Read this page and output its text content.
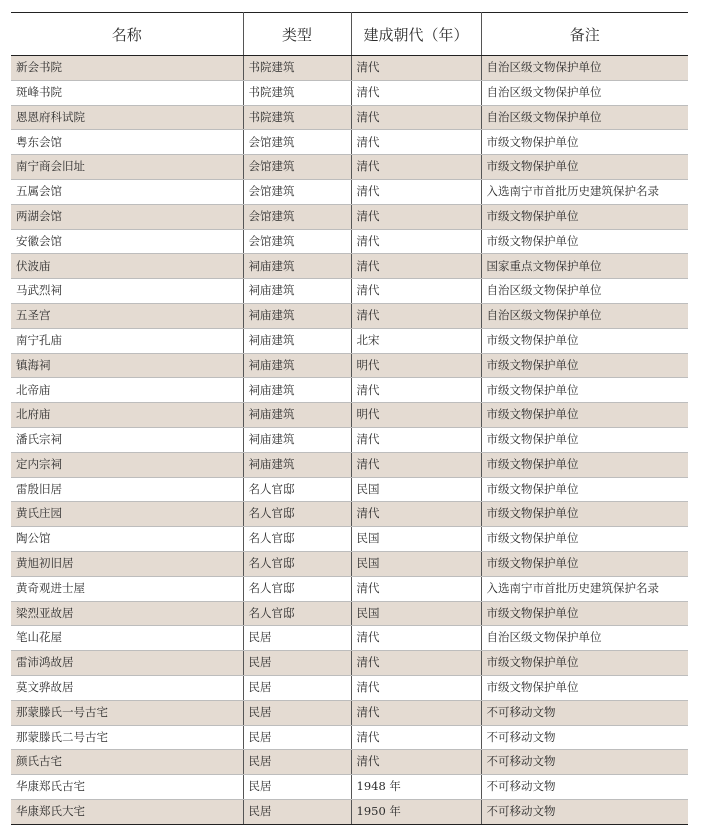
名称	类型	建成朝代（年）	备注
新会书院	书院建筑	清代	自治区级文物保护单位
斑峰书院	书院建筑	清代	自治区级文物保护单位
恩恩府科试院	书院建筑	清代	自治区级文物保护单位
粤东会馆	会馆建筑	清代	市级文物保护单位
南宁商会旧址	会馆建筑	清代	市级文物保护单位
五属会馆	会馆建筑	清代	入选南宁市首批历史建筑保护名录
两湖会馆	会馆建筑	清代	市级文物保护单位
安徽会馆	会馆建筑	清代	市级文物保护单位
伏波庙	祠庙建筑	清代	国家重点文物保护单位
马武烈祠	祠庙建筑	清代	自治区级文物保护单位
五圣宫	祠庙建筑	清代	自治区级文物保护单位
南宁孔庙	祠庙建筑	北宋	市级文物保护单位
镇海祠	祠庙建筑	明代	市级文物保护单位
北帝庙	祠庙建筑	清代	市级文物保护单位
北府庙	祠庙建筑	明代	市级文物保护单位
潘氏宗祠	祠庙建筑	清代	市级文物保护单位
定内宗祠	祠庙建筑	清代	市级文物保护单位
雷殷旧居	名人官邸	民国	市级文物保护单位
黄氏庄园	名人官邸	清代	市级文物保护单位
陶公馆	名人官邸	民国	市级文物保护单位
黄旭初旧居	名人官邸	民国	市级文物保护单位
黄奇观进士屋	名人官邸	清代	入选南宁市首批历史建筑保护名录
梁烈亚故居	名人官邸	民国	市级文物保护单位
笔山花屋	民居	清代	自治区级文物保护单位
雷沛鸿故居	民居	清代	市级文物保护单位
莫文骅故居	民居	清代	市级文物保护单位
那蒙滕氏一号古宅	民居	清代	不可移动文物
那蒙滕氏二号古宅	民居	清代	不可移动文物
颜氏古宅	民居	清代	不可移动文物
华康郑氏古宅	民居	1948 年	不可移动文物
华康郑氏大宅	民居	1950 年	不可移动文物
